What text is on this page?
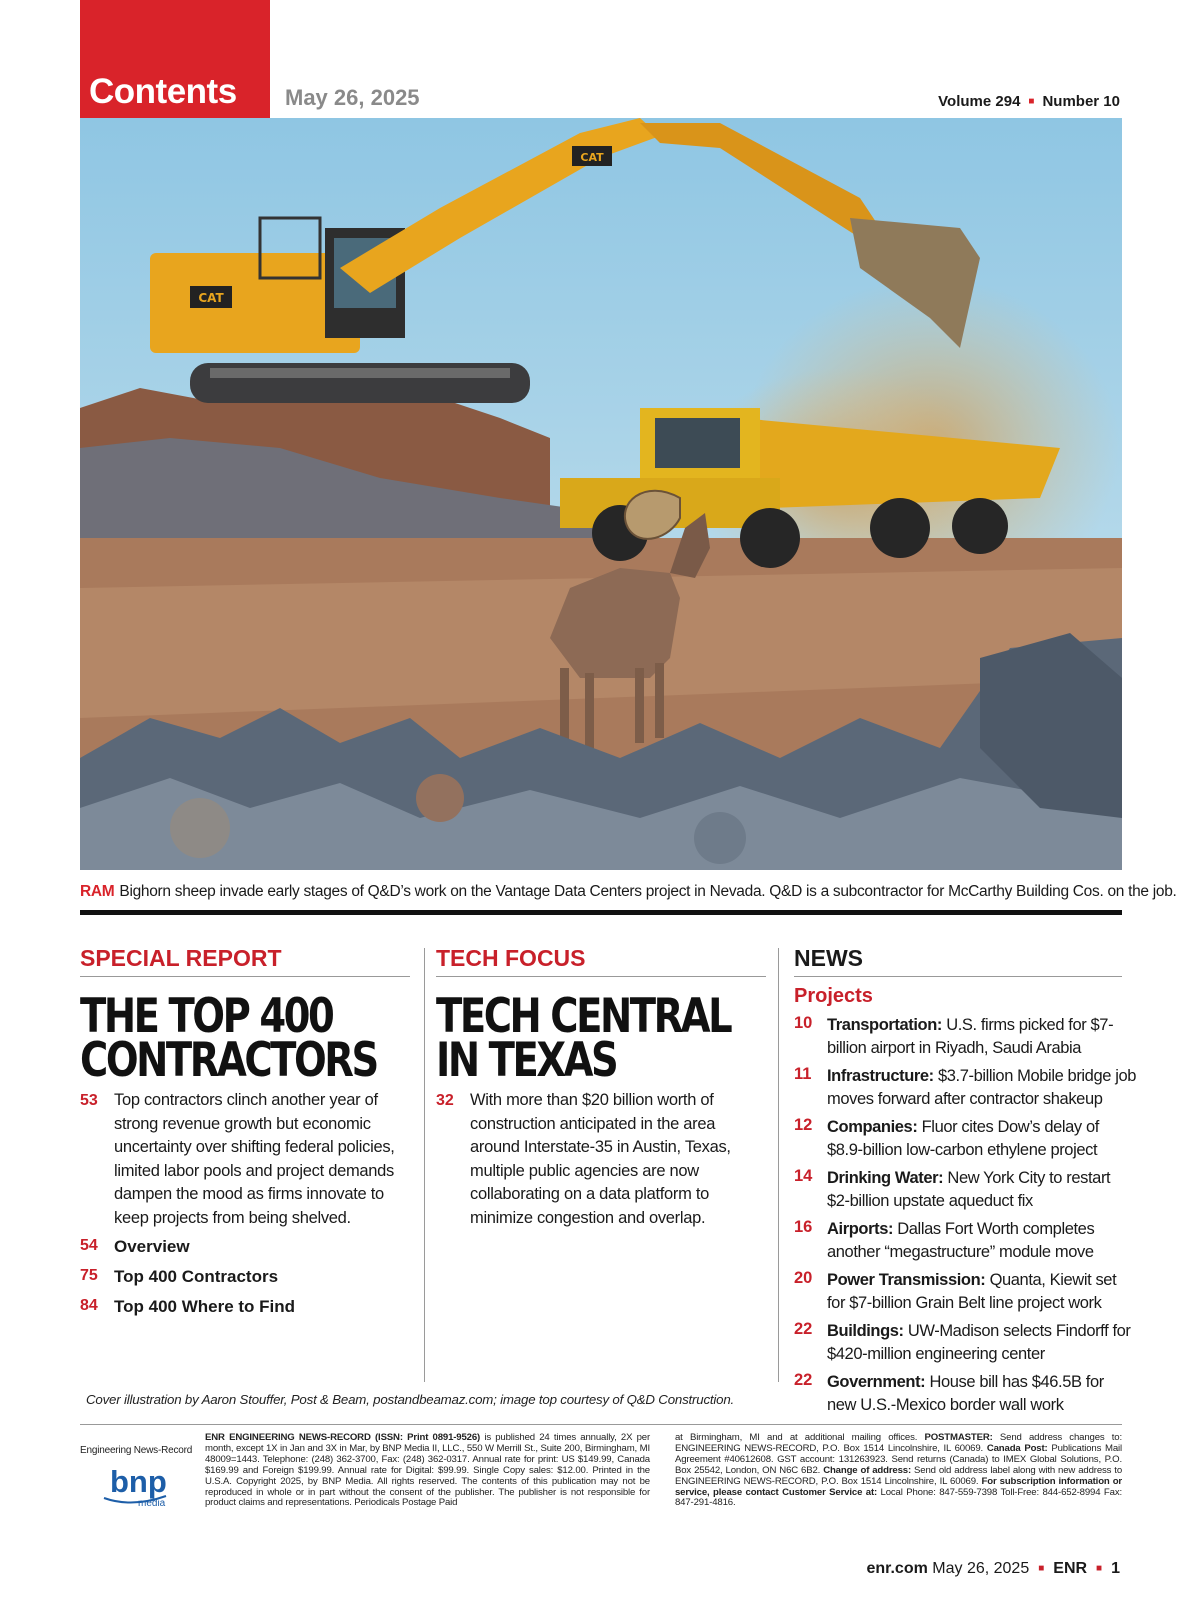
Contents May 26, 2025	Volume 294 ■ Number 10
CAT
CAT
RAM Bighorn sheep invade early stages of Q&D’s work on the Vantage Data Centers project in Nevada. Q&D is a subcontractor for McCarthy Building Cos. on the job.
SPECIAL REPORT
THE TOP 400
CONTRACTORS
53 Top contractors clinch another year of strong revenue growth but economic uncertainty over shifting federal policies, limited labor pools and project demands dampen the mood as firms innovate to keep projects from being shelved.
54 Overview
75 Top 400 Contractors
84 Top 400 Where to Find
TECH FOCUS
TECH CENTRAL
IN TEXAS
32 With more than $20 billion worth of construction anticipated in the area around Interstate-35 in Austin, Texas, multiple public agencies are now collaborating on a data platform to minimize congestion and overlap.
NEWS
Projects
10 Transportation: U.S. firms picked for $7-billion airport in Riyadh, Saudi Arabia
11 Infrastructure: $3.7-billion Mobile bridge job moves forward after contractor shakeup
12 Companies: Fluor cites Dow’s delay of $8.9-billion low-carbon ethylene project
14 Drinking Water: New York City to restart $2-billion upstate aqueduct fix
16 Airports: Dallas Fort Worth completes another “megastructure” module move
20 Power Transmission: Quanta, Kiewit set for $7-billion Grain Belt line project work
22 Buildings: UW-Madison selects Findorff for $420-million engineering center
22 Government: House bill has $46.5B for new U.S.-Mexico border wall work
Cover illustration by Aaron Stouffer, Post & Beam, postandbeamaz.com; image top courtesy of Q&D Construction.
Engineering News-Record
bnp
media
ENR ENGINEERING NEWS-RECORD (ISSN: Print 0891-9526) is published 24 times annually, 2X per month, except 1X in Jan and 3X in Mar, by BNP Media II, LLC., 550 W Merrill St., Suite 200, Birmingham, MI 48009=1443. Telephone: (248) 362-3700, Fax: (248) 362-0317. Annual rate for print: US $149.99, Canada $169.99 and Foreign $199.99. Annual rate for Digital: $99.99. Single Copy sales: $12.00. Printed in the U.S.A. Copyright 2025, by BNP Media. All rights reserved. The contents of this publication may not be reproduced in whole or in part without the consent of the publisher. The publisher is not responsible for product claims and representations. Periodicals Postage Paid
at Birmingham, MI and at additional mailing offices. POSTMASTER: Send address changes to: ENGINEERING NEWS-RECORD, P.O. Box 1514 Lincolnshire, IL 60069. Canada Post: Publications Mail Agreement #40612608. GST account: 131263923. Send returns (Canada) to IMEX Global Solutions, P.O. Box 25542, London, ON N6C 6B2. Change of address: Send old address label along with new address to ENGINEERING NEWS-RECORD, P.O. Box 1514 Lincolnshire, IL 60069. For subscription information or service, please contact Customer Service at: Local Phone: 847-559-7398 Toll-Free: 844-652-8994 Fax: 847-291-4816.
enr.com May 26, 2025 ■ ENR ■ 1
